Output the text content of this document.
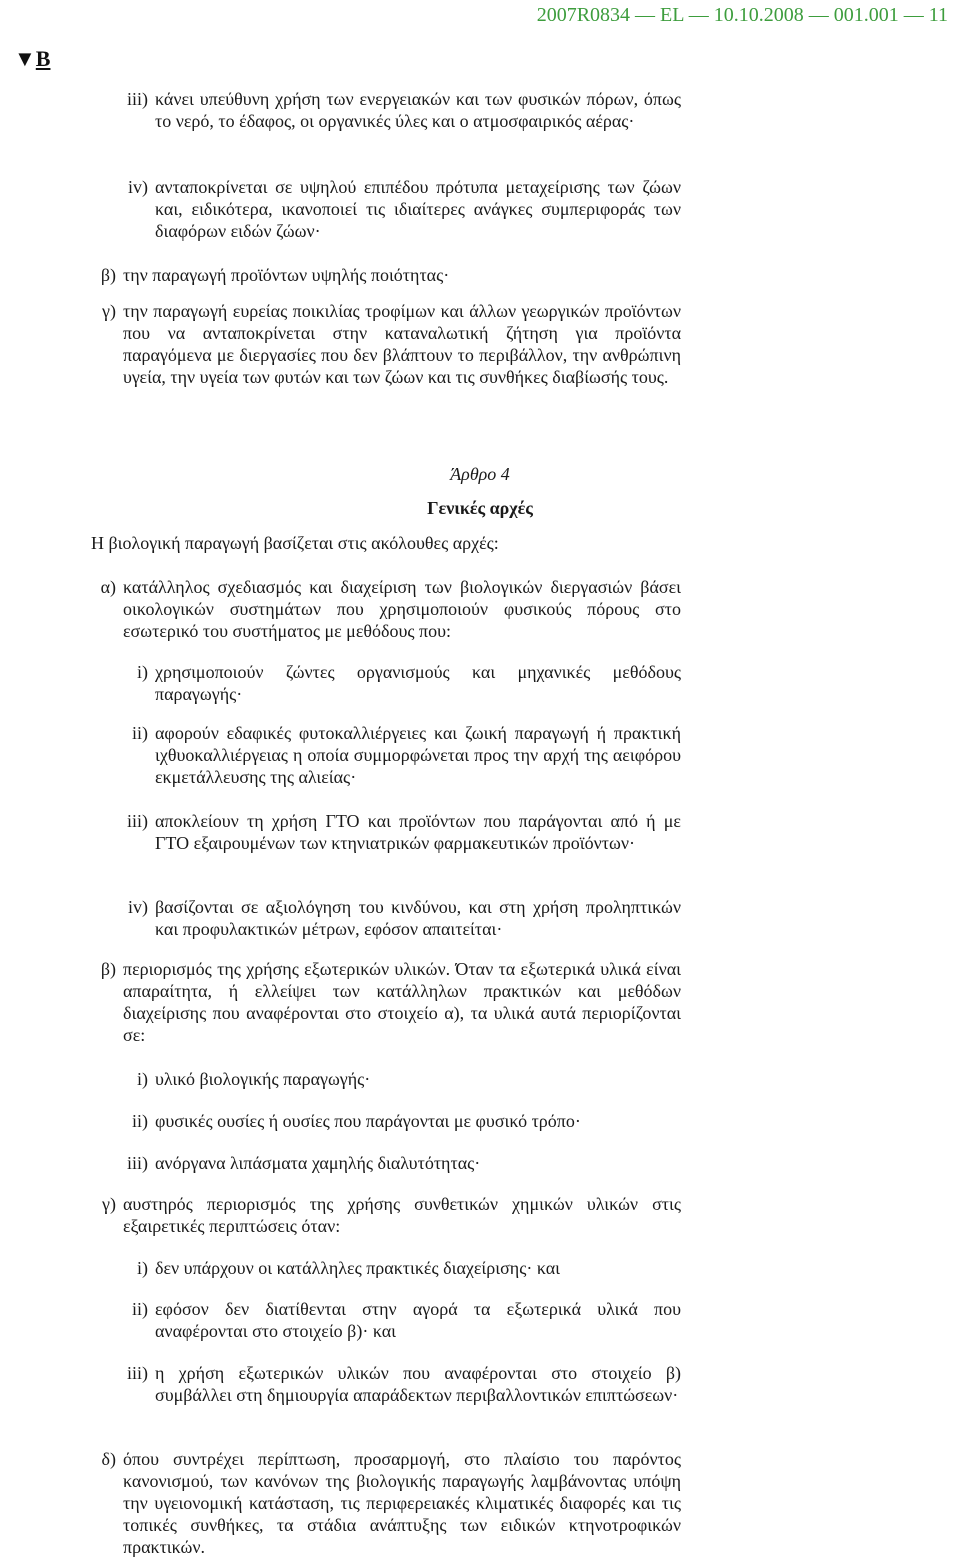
2007R0834 — EL — 10.10.2008 — 001.001 — 11
▼B
iii) κάνει υπεύθυνη χρήση των ενεργειακών και των φυσικών πόρων, όπως το νερό, το έδαφος, οι οργανικές ύλες και ο ατμοσφαιρικός αέρας·
iv) ανταποκρίνεται σε υψηλού επιπέδου πρότυπα μεταχείρισης των ζώων και, ειδικότερα, ικανοποιεί τις ιδιαίτερες ανάγκες συμπεριφοράς των διαφόρων ειδών ζώων·
β) την παραγωγή προϊόντων υψηλής ποιότητας·
γ) την παραγωγή ευρείας ποικιλίας τροφίμων και άλλων γεωργικών προϊόντων που να ανταποκρίνεται στην καταναλωτική ζήτηση για προϊόντα παραγόμενα με διεργασίες που δεν βλάπτουν το περιβάλλον, την ανθρώπινη υγεία, την υγεία των φυτών και των ζώων και τις συνθήκες διαβίωσής τους.
Άρθρο 4
Γενικές αρχές
Η βιολογική παραγωγή βασίζεται στις ακόλουθες αρχές:
α) κατάλληλος σχεδιασμός και διαχείριση των βιολογικών διεργασιών βάσει οικολογικών συστημάτων που χρησιμοποιούν φυσικούς πόρους στο εσωτερικό του συστήματος με μεθόδους που:
i) χρησιμοποιούν ζώντες οργανισμούς και μηχανικές μεθόδους παραγωγής·
ii) αφορούν εδαφικές φυτοκαλλιέργειες και ζωική παραγωγή ή πρακτική ιχθυοκαλλιέργειας η οποία συμμορφώνεται προς την αρχή της αειφόρου εκμετάλλευσης της αλιείας·
iii) αποκλείουν τη χρήση ΓΤΟ και προϊόντων που παράγονται από ή με ΓΤΟ εξαιρουμένων των κτηνιατρικών φαρμακευτικών προϊόντων·
iv) βασίζονται σε αξιολόγηση του κινδύνου, και στη χρήση προληπτικών και προφυλακτικών μέτρων, εφόσον απαιτείται·
β) περιορισμός της χρήσης εξωτερικών υλικών. Όταν τα εξωτερικά υλικά είναι απαραίτητα, ή ελλείψει των κατάλληλων πρακτικών και μεθόδων διαχείρισης που αναφέρονται στο στοιχείο α), τα υλικά αυτά περιορίζονται σε:
i) υλικό βιολογικής παραγωγής·
ii) φυσικές ουσίες ή ουσίες που παράγονται με φυσικό τρόπο·
iii) ανόργανα λιπάσματα χαμηλής διαλυτότητας·
γ) αυστηρός περιορισμός της χρήσης συνθετικών χημικών υλικών στις εξαιρετικές περιπτώσεις όταν:
i) δεν υπάρχουν οι κατάλληλες πρακτικές διαχείρισης· και
ii) εφόσον δεν διατίθενται στην αγορά τα εξωτερικά υλικά που αναφέρονται στο στοιχείο β)· και
iii) η χρήση εξωτερικών υλικών που αναφέρονται στο στοιχείο β) συμβάλλει στη δημιουργία απαράδεκτων περιβαλλοντικών επιπτώσεων·
δ) όπου συντρέχει περίπτωση, προσαρμογή, στο πλαίσιο του παρόντος κανονισμού, των κανόνων της βιολογικής παραγωγής λαμβάνοντας υπόψη την υγειονομική κατάσταση, τις περιφερειακές κλιματικές διαφορές και τις τοπικές συνθήκες, τα στάδια ανάπτυξης των ειδικών κτηνοτροφικών πρακτικών.
